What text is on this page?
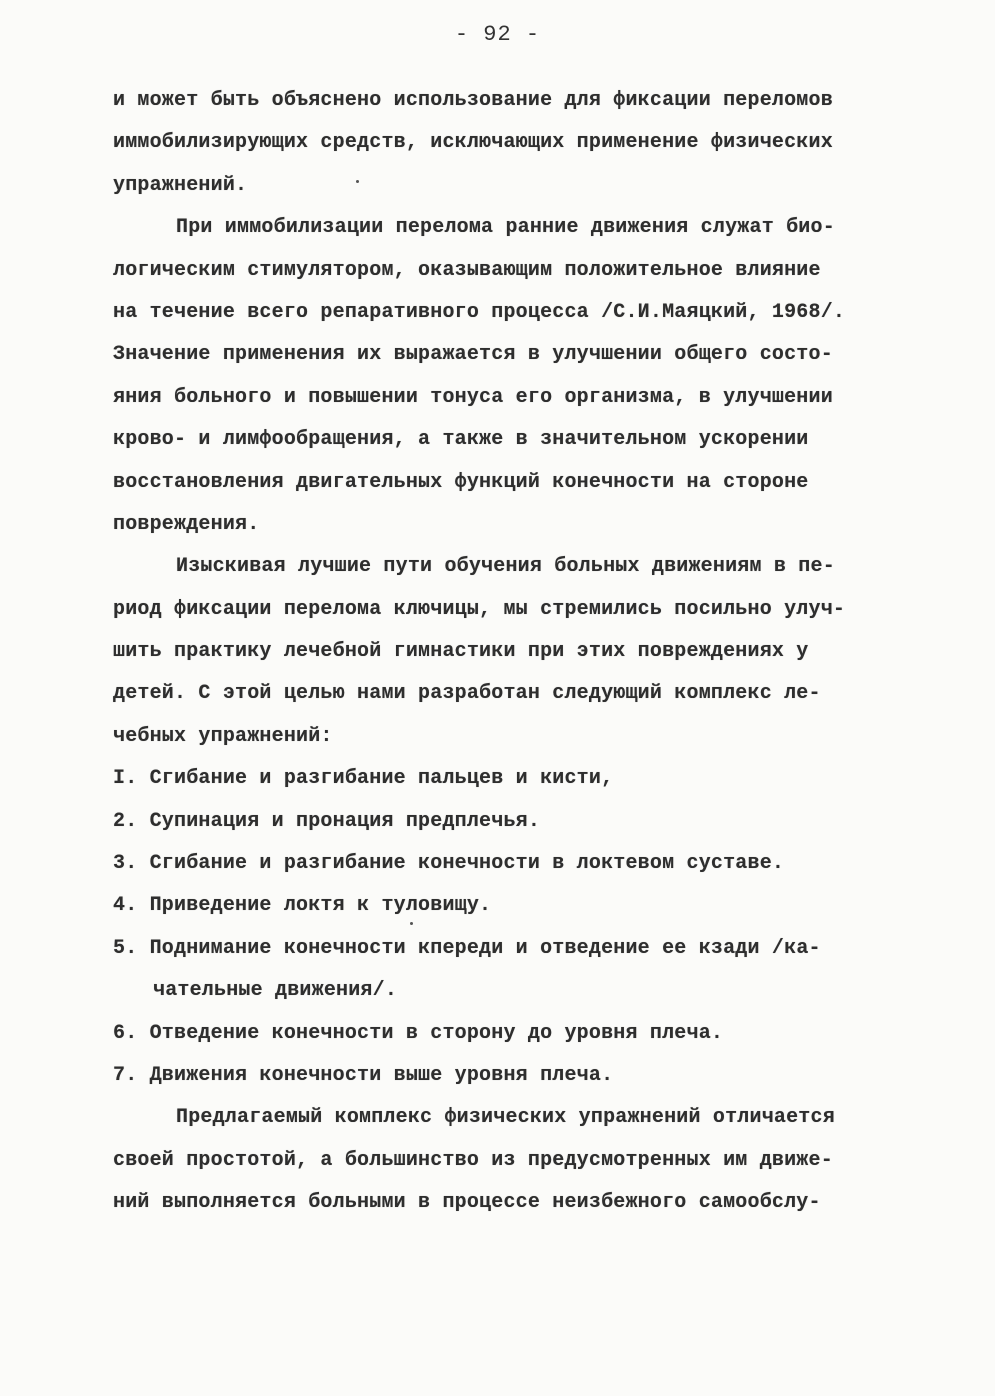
- 92 -
и может быть объяснено использование для фиксации переломов
иммобилизирующих средств, исключающих применение физических
упражнений.
При иммобилизации перелома ранние движения служат био-
логическим стимулятором, оказывающим положительное влияние
на течение всего репаративного процесса /С.И.Маяцкий, 1968/.
Значение применения их выражается в улучшении общего состо-
яния больного и повышении тонуса его организма, в улучшении
крово- и лимфообращения, а также в значительном ускорении
восстановления двигательных функций конечности на стороне
повреждения.
Изыскивая лучшие пути обучения больных движениям в пе-
риод фиксации перелома ключицы, мы стремились посильно улуч-
шить практику лечебной гимнастики при этих повреждениях у
детей. С этой целью нами разработан следующий комплекс ле-
чебных упражнений:
I. Сгибание и разгибание пальцев и кисти,
2. Супинация и пронация предплечья.
3. Сгибание и разгибание конечности в локтевом суставе.
4. Приведение локтя к туловищу.
5. Поднимание конечности кпереди и отведение ее кзади /ка-
чательные движения/.
6. Отведение конечности в сторону до уровня плеча.
7. Движения конечности выше уровня плеча.
Предлагаемый комплекс физических упражнений отличается
своей простотой, а большинство из предусмотренных им движе-
ний выполняется больными в процессе неизбежного самообслу-
